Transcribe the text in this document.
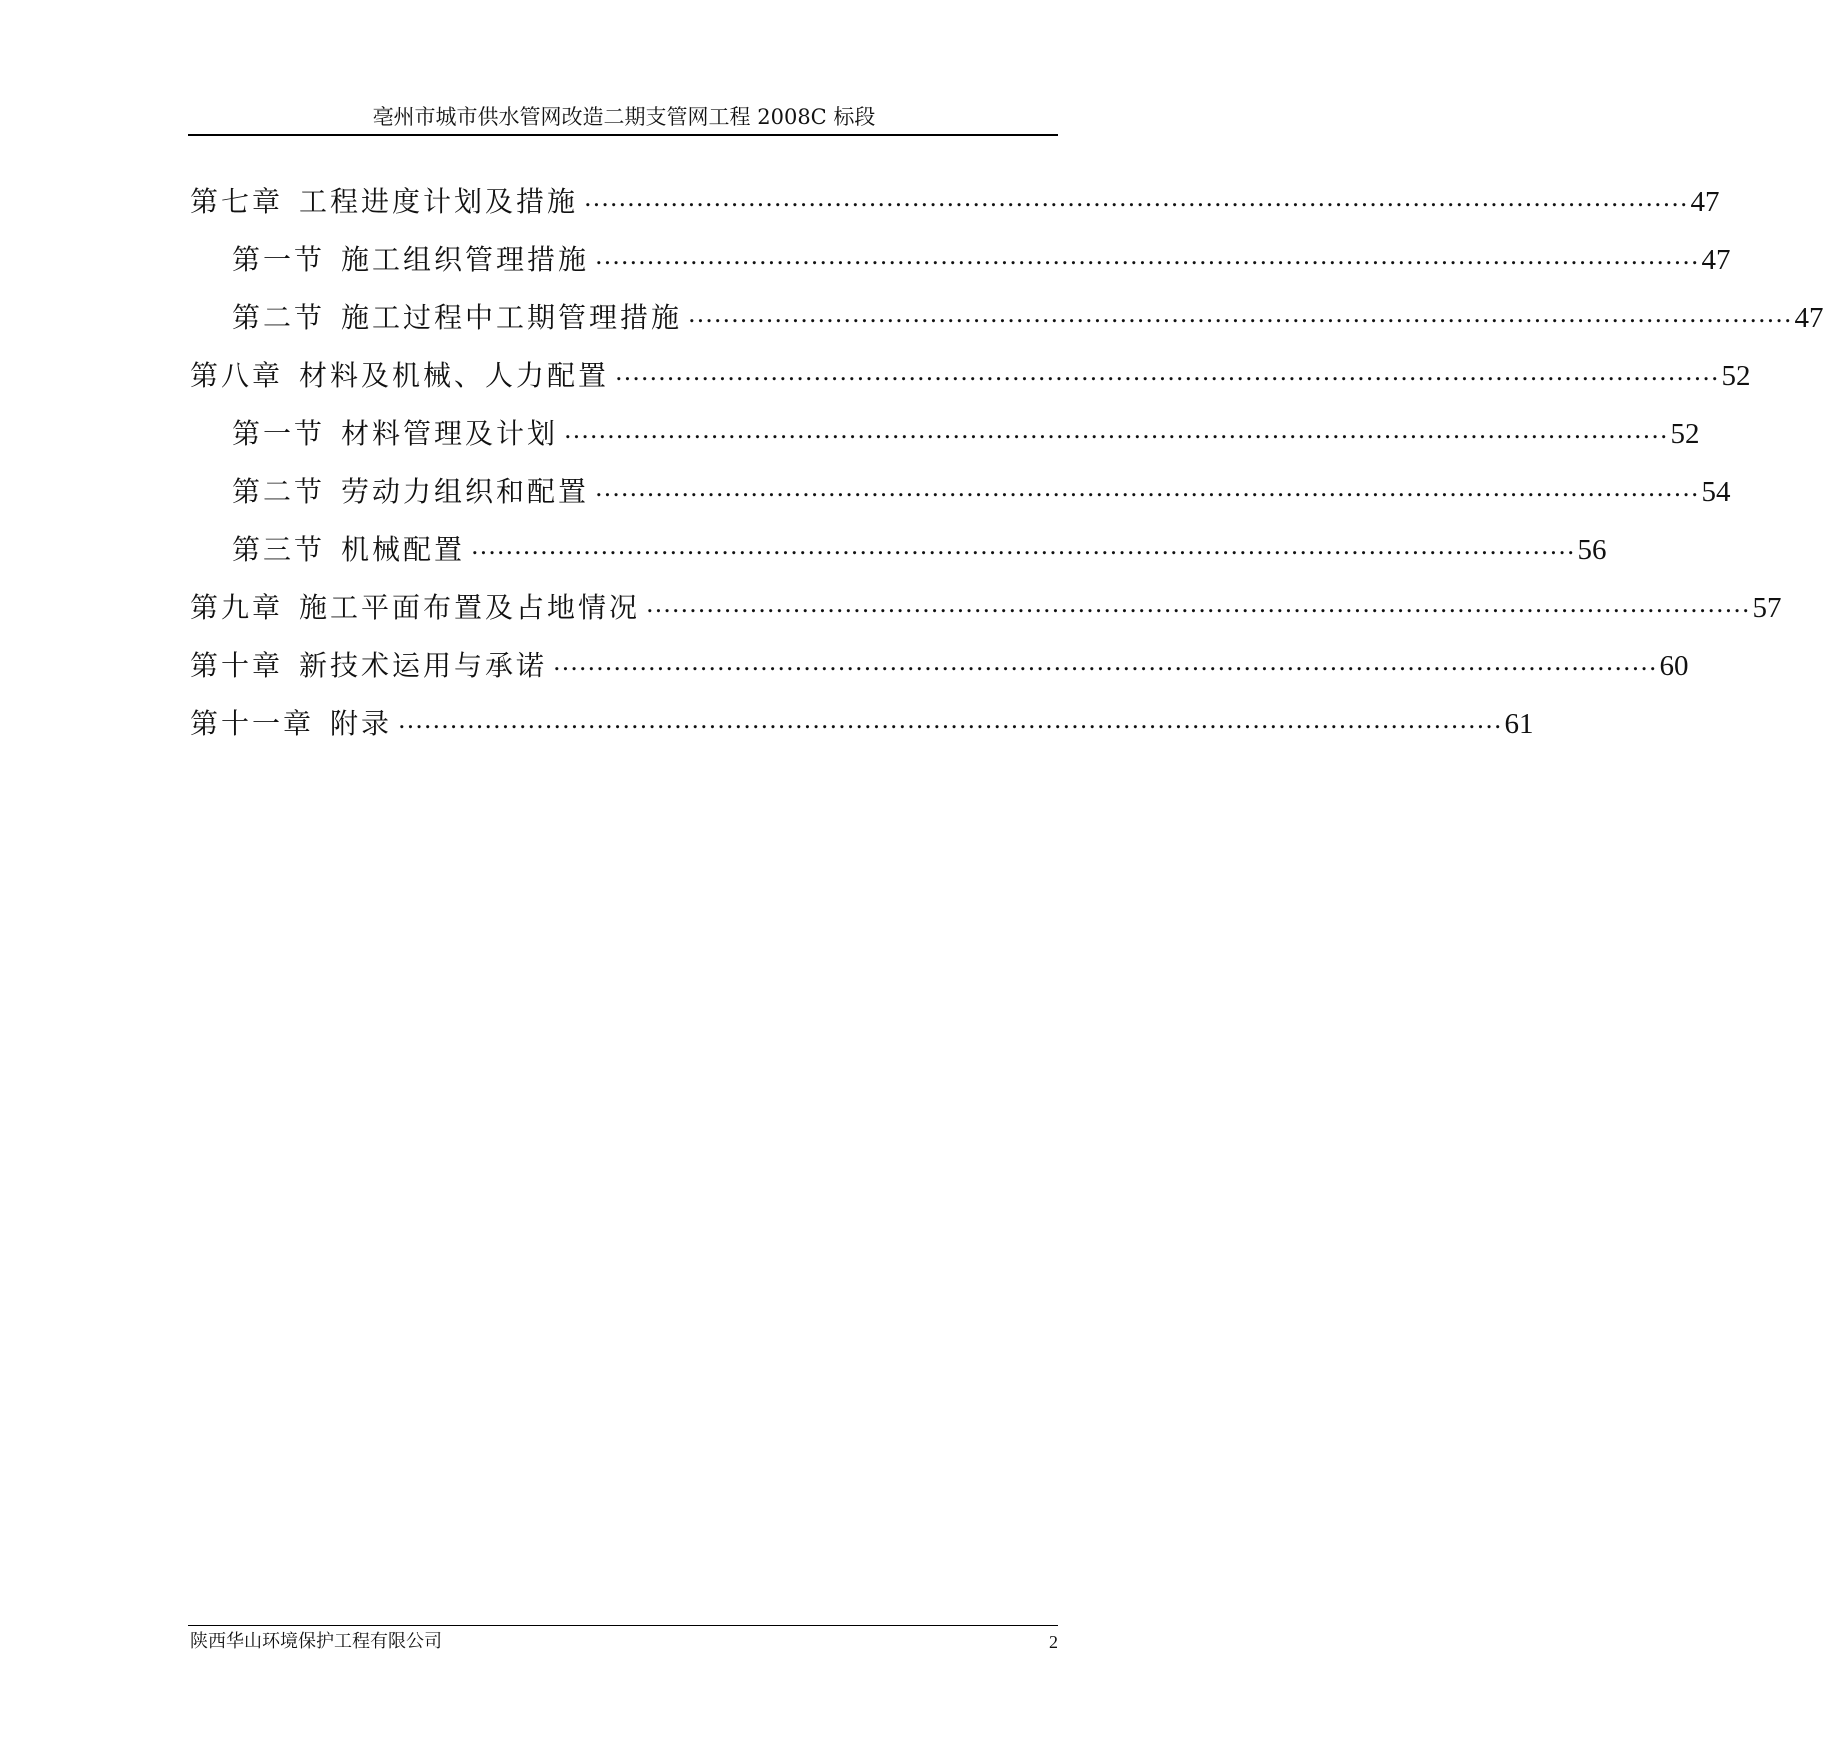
亳州市城市供水管网改造二期支管网工程 2008C 标段
第七章 工程进度计划及措施 ................................................................................................................................ 47
第一节 施工组织管理措施 ................................................................................................................................ 47
第二节 施工过程中工期管理措施 ................................................................................................................................ 47
第八章 材料及机械、人力配置 ................................................................................................................................ 52
第一节 材料管理及计划 ................................................................................................................................ 52
第二节 劳动力组织和配置 ................................................................................................................................ 54
第三节 机械配置 ................................................................................................................................ 56
第九章 施工平面布置及占地情况 ................................................................................................................................ 57
第十章 新技术运用与承诺 ................................................................................................................................ 60
第十一章 附录 ................................................................................................................................ 61
陕西华山环境保护工程有限公司	2
